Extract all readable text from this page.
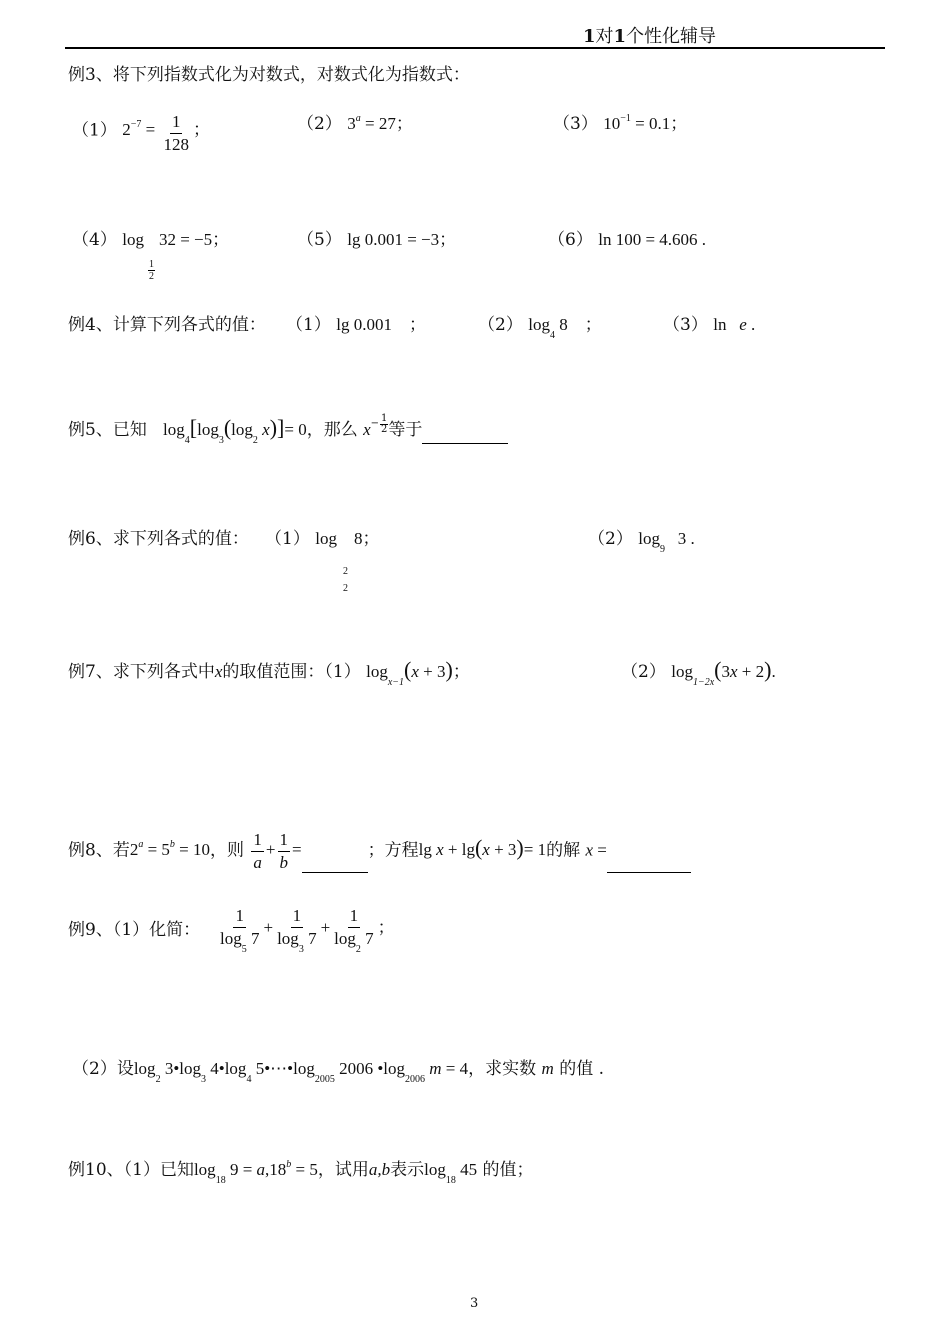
1对1个性化辅导
例3、将下列指数式化为对数式，对数式化为指数式：
（1） $2^{-7} = \frac{1}{128}$ ；	（2） $3^a = 27$；	（3） $10^{-1} = 0.1$；
（4） log
$\frac{1}{2}$
32 = −5；	（5） lg 0.001 = −3；	（6） ln 100 = 4.606 .
例4、计算下列各式的值： （1） lg 0.001　；	（2） $\log_4 8$　；	（3） ln e .
例5、已知 $\log_4[\log_3(\log_2$ x)]= 0，那么 $x - \frac{1}{2}$ 等于
例6、求下列各式的值： （1） log
2
2
8；	（2） $\log_9 3$ .
例7、求下列各式中x的取值范围：（1） $\log_{x-1}(x + 3)$；	（2） $\log_{1-2x}(3x + 2)$.
例8、若$2^a = 5^b = 10$，则 $\frac{1}{a} + \frac{1}{b}$ =	；方程lg x + lg(x + 3)= 1的解 x =
例9、（1）化简： $\frac{1}{\log_5 7} + \frac{1}{\log_3 7} + \frac{1}{\log_2 7}$ ；
（2）设$\log_2$ $3•\log_3$ $4•\log_4$ $5•\cdots•\log_{2005}$ 2006 $•\log_{2006}$ m = 4，求实数 m 的值 .
例10、（1）已知$\log_{18} 9 = a,18^b = 5$，试用a,b表示$\log_{18} 45$ 的值；
3
